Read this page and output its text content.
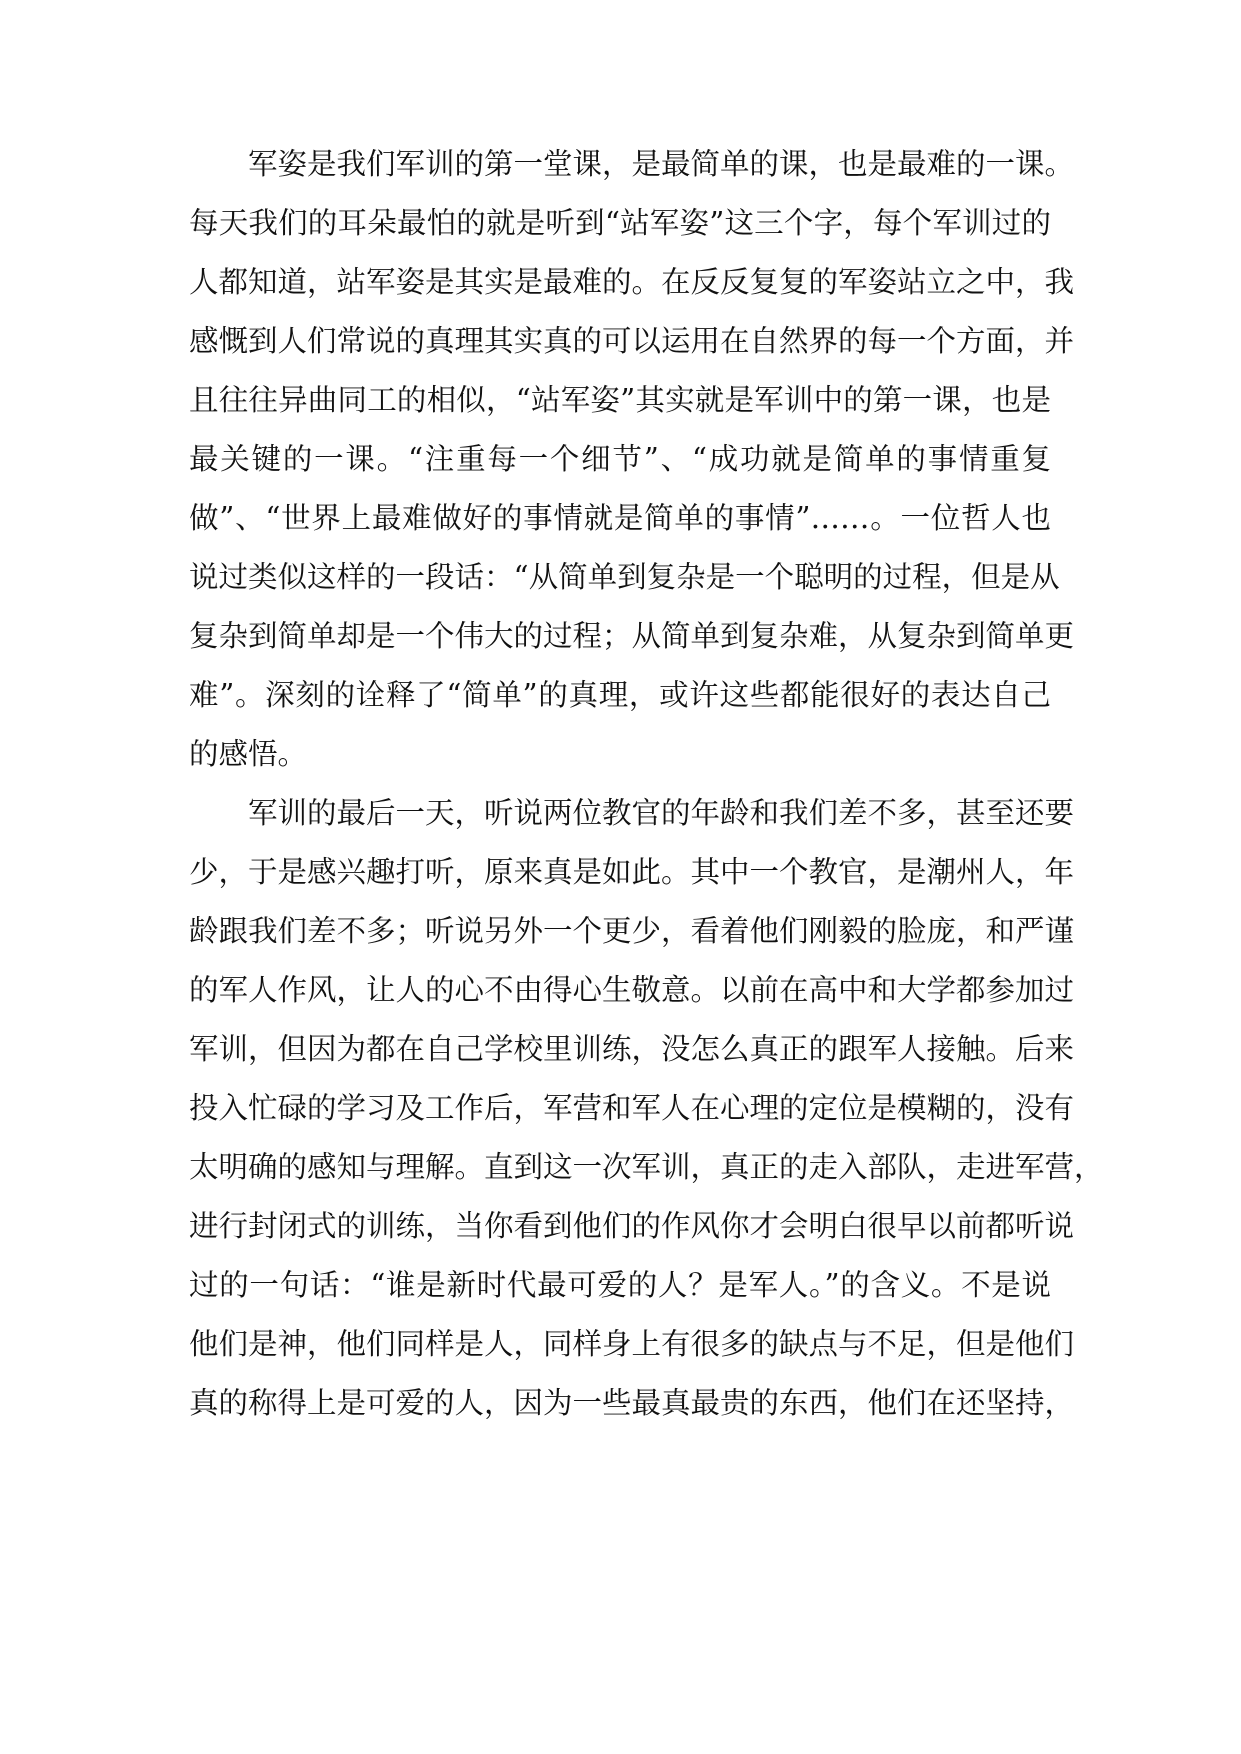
军姿是我们军训的第一堂课，是最简单的课，也是最难的一课。
每天我们的耳朵最怕的就是听到“站军姿”这三个字，每个军训过的
人都知道，站军姿是其实是最难的。在反反复复的军姿站立之中，我
感慨到人们常说的真理其实真的可以运用在自然界的每一个方面，并
且往往异曲同工的相似，“站军姿”其实就是军训中的第一课，也是
最关键的一课。“注重每一个细节”、“成功就是简单的事情重复
做”、“世界上最难做好的事情就是简单的事情”……。一位哲人也
说过类似这样的一段话：“从简单到复杂是一个聪明的过程，但是从
复杂到简单却是一个伟大的过程；从简单到复杂难，从复杂到简单更
难”。深刻的诠释了“简单”的真理，或许这些都能很好的表达自己
的感悟。
军训的最后一天，听说两位教官的年龄和我们差不多，甚至还要
少，于是感兴趣打听，原来真是如此。其中一个教官，是潮州人，年
龄跟我们差不多；听说另外一个更少，看着他们刚毅的脸庞，和严谨
的军人作风，让人的心不由得心生敬意。以前在高中和大学都参加过
军训，但因为都在自己学校里训练，没怎么真正的跟军人接触。后来
投入忙碌的学习及工作后，军营和军人在心理的定位是模糊的，没有
太明确的感知与理解。直到这一次军训，真正的走入部队，走进军营，
进行封闭式的训练，当你看到他们的作风你才会明白很早以前都听说
过的一句话：“谁是新时代最可爱的人？是军人。”的含义。不是说
他们是神，他们同样是人，同样身上有很多的缺点与不足，但是他们
真的称得上是可爱的人，因为一些最真最贵的东西，他们在还坚持，
